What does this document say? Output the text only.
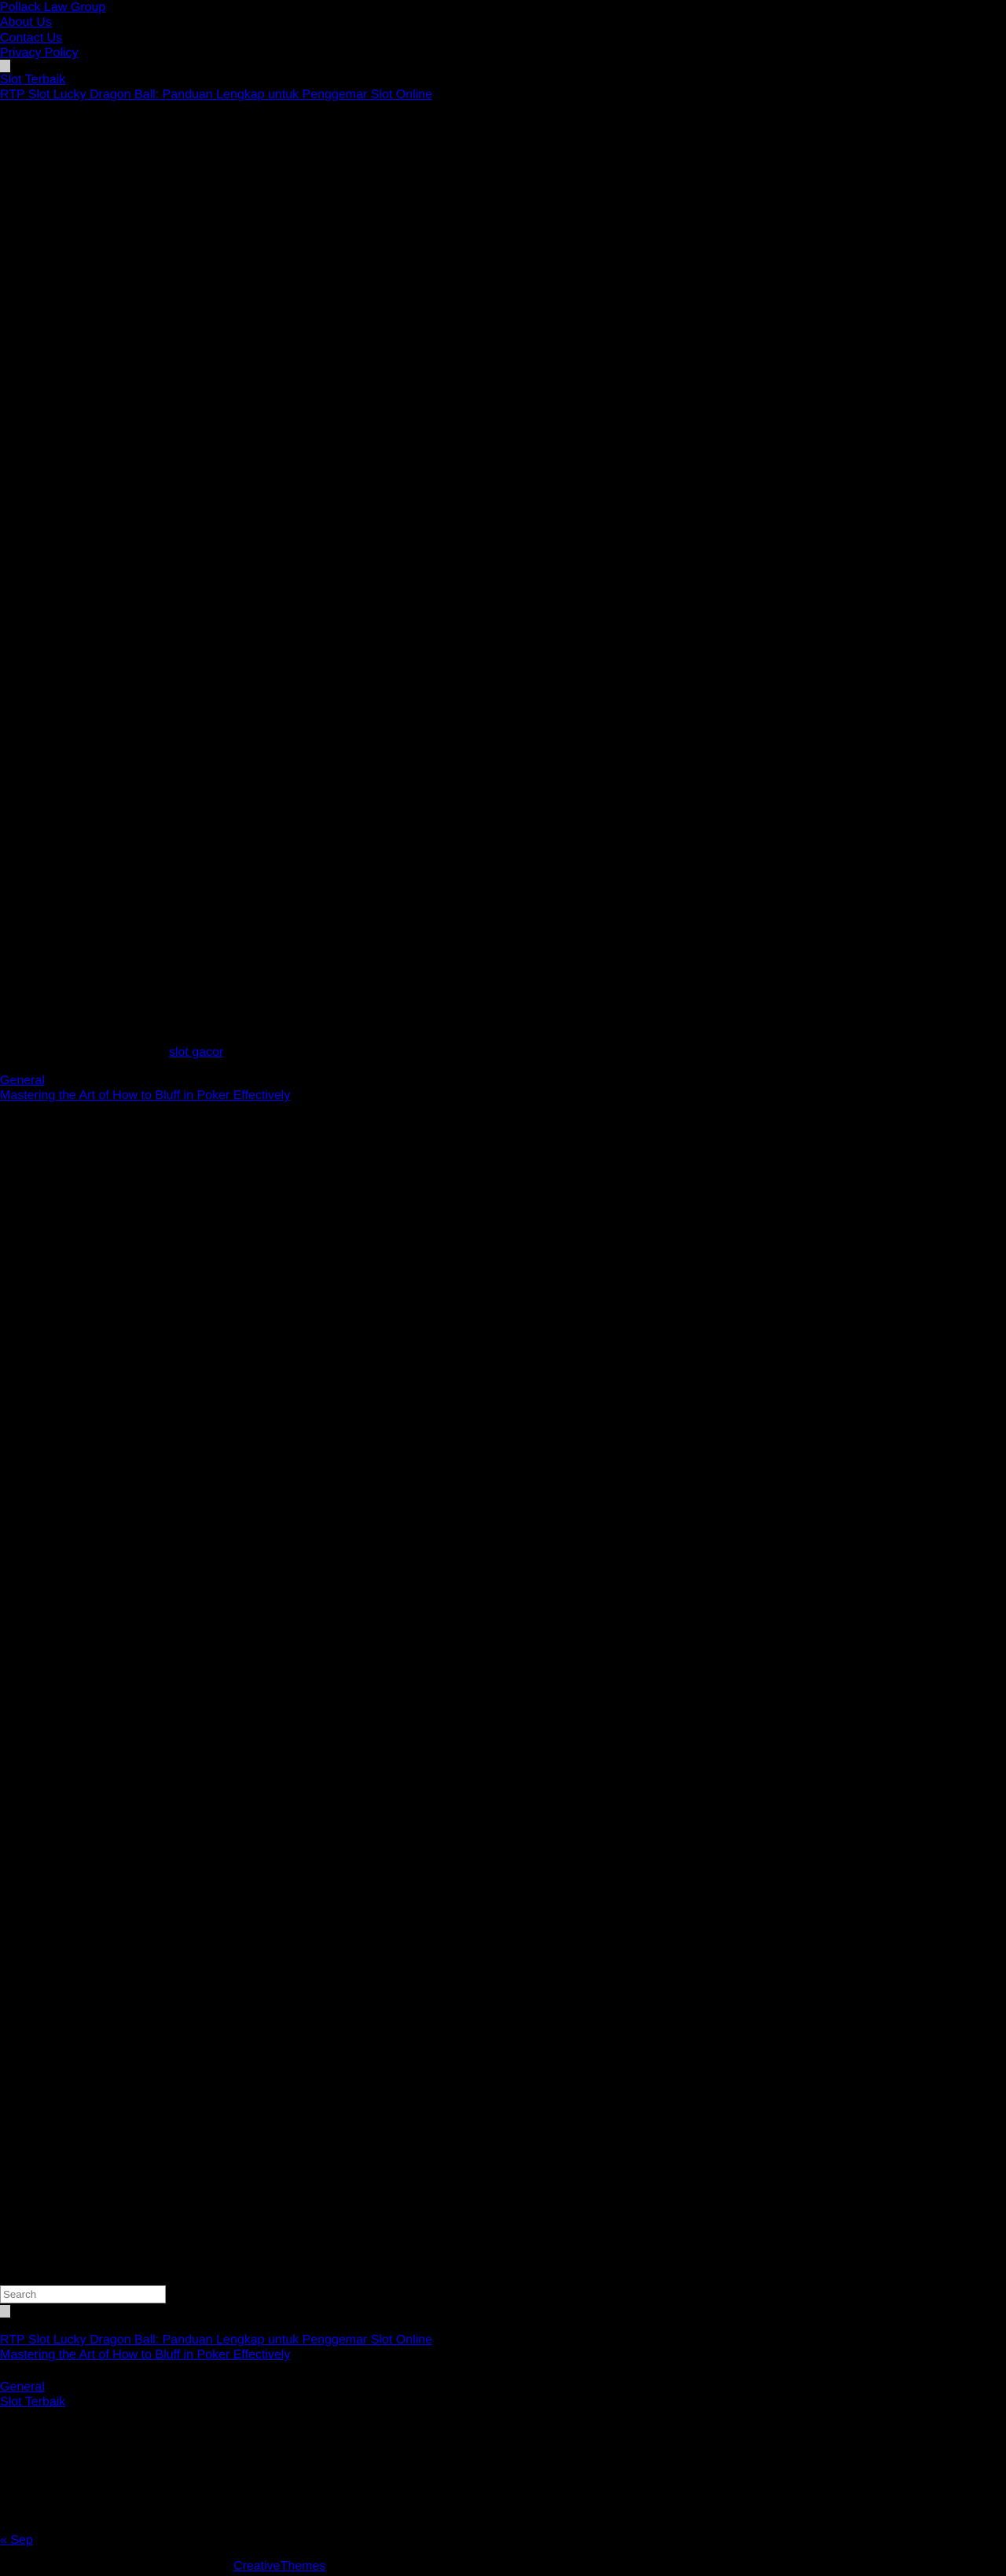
Pollack Law Group
About Us
Contact Us
Privacy Policy
Slot Terbaik
RTP Slot Lucky Dragon Ball: Panduan Lengkap untuk Penggemar Slot Online
slot gacor
General
Mastering the Art of How to Bluff in Poker Effectively
Search
RTP Slot Lucky Dragon Ball: Panduan Lengkap untuk Penggemar Slot Online
Mastering the Art of How to Bluff in Poker Effectively
General
Slot Terbaik
« Sep
CreativeThemes
